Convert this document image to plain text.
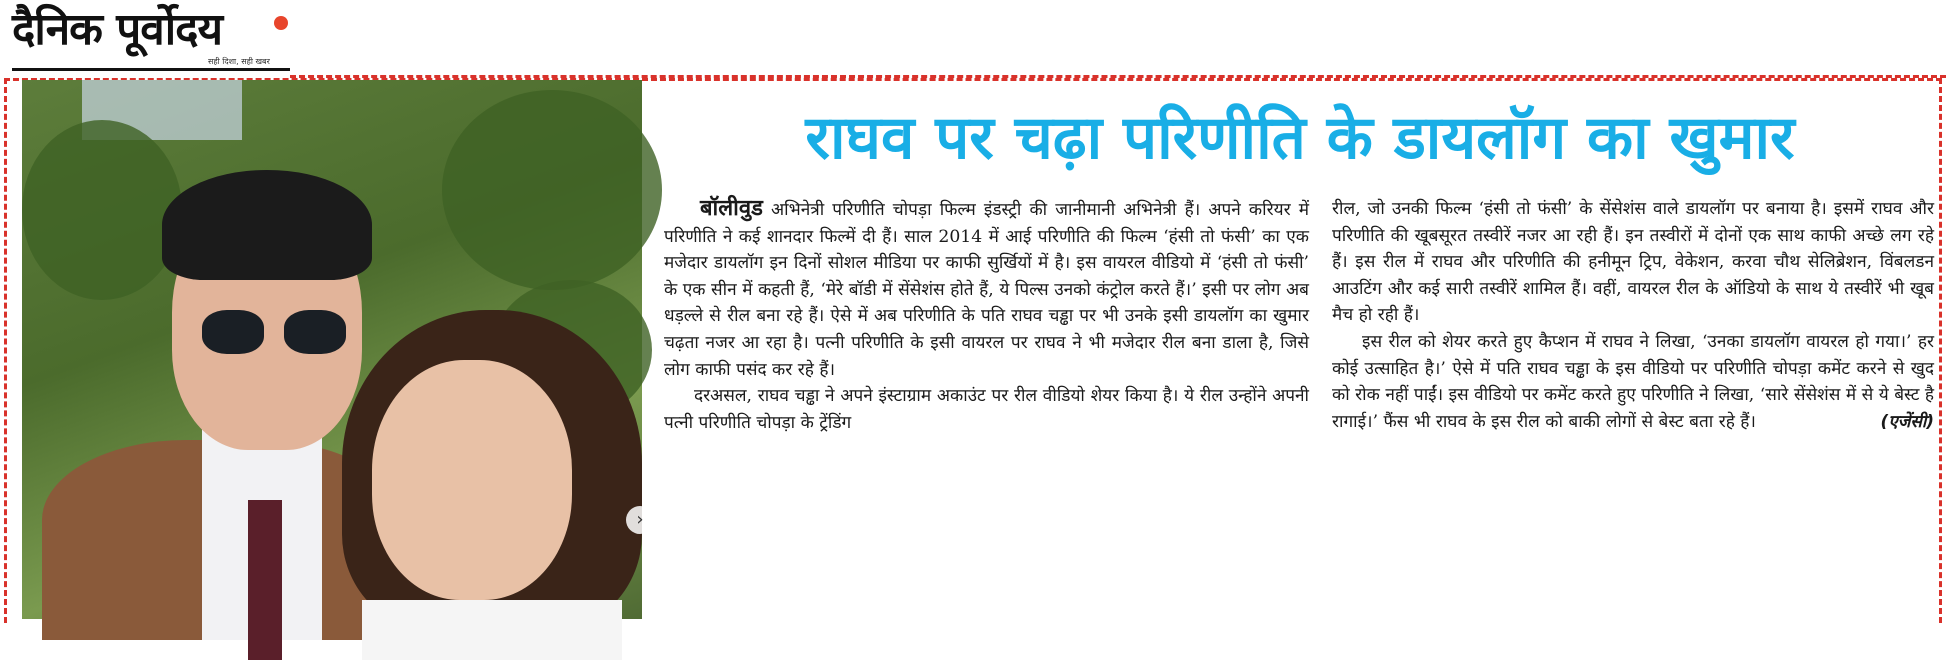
दैनिक पूर्वोदय
सही दिशा, सही खबर
›
राघव पर चढ़ा परिणीति के डायलॉग का खुमार

बॉलीवुड अभिनेत्री परिणीति चोपड़ा फिल्म इंडस्ट्री की जानीमानी अभिनेत्री हैं। अपने करियर में परिणीति ने कई शानदार फिल्में दी हैं। साल 2014 में आई परिणीति की फिल्म ‘हंसी तो फंसी’ का एक मजेदार डायलॉग इन दिनों सोशल मीडिया पर काफी सुर्खियों में है। इस वायरल वीडियो में ‘हंसी तो फंसी’ के एक सीन में कहती हैं, ‘मेरे बॉडी में सेंसेशंस होते हैं, ये पिल्स उनको कंट्रोल करते हैं।’ इसी पर लोग अब धड़ल्ले से रील बना रहे हैं। ऐसे में अब परिणीति के पति राघव चड्ढा पर भी उनके इसी डायलॉग का खुमार चढ़ता नजर आ रहा है। पत्नी परिणीति के इसी वायरल पर राघव ने भी मजेदार रील बना डाला है, जिसे लोग काफी पसंद कर रहे हैं।

दरअसल, राघव चड्ढा ने अपने इंस्टाग्राम अकाउंट पर रील वीडियो शेयर किया है। ये रील उन्होंने अपनी पत्नी परिणीति चोपड़ा के ट्रेंडिंग

रील, जो उनकी फिल्म ‘हंसी तो फंसी’ के सेंसेशंस वाले डायलॉग पर बनाया है। इसमें राघव और परिणीति की खूबसूरत तस्वीरें नजर आ रही हैं। इन तस्वीरों में दोनों एक साथ काफी अच्छे लग रहे हैं। इस रील में राघव और परिणीति की हनीमून ट्रिप, वेकेशन, करवा चौथ सेलिब्रेशन, विंबलडन आउटिंग और कई सारी तस्वीरें शामिल हैं। वहीं, वायरल रील के ऑडियो के साथ ये तस्वीरें भी खूब मैच हो रही हैं।

इस रील को शेयर करते हुए कैप्शन में राघव ने लिखा, ‘उनका डायलॉग वायरल हो गया।’ हर कोई उत्साहित है।’ ऐसे में पति राघव चड्ढा के इस वीडियो पर परिणीति चोपड़ा कमेंट करने से खुद को रोक नहीं पाईं। इस वीडियो पर कमेंट करते हुए परिणीति ने लिखा, ‘सारे सेंसेशंस में से ये बेस्ट है रागाई।’ फैंस भी राघव के इस रील को बाकी लोगों से बेस्ट बता रहे हैं।	(एजेंसी)
